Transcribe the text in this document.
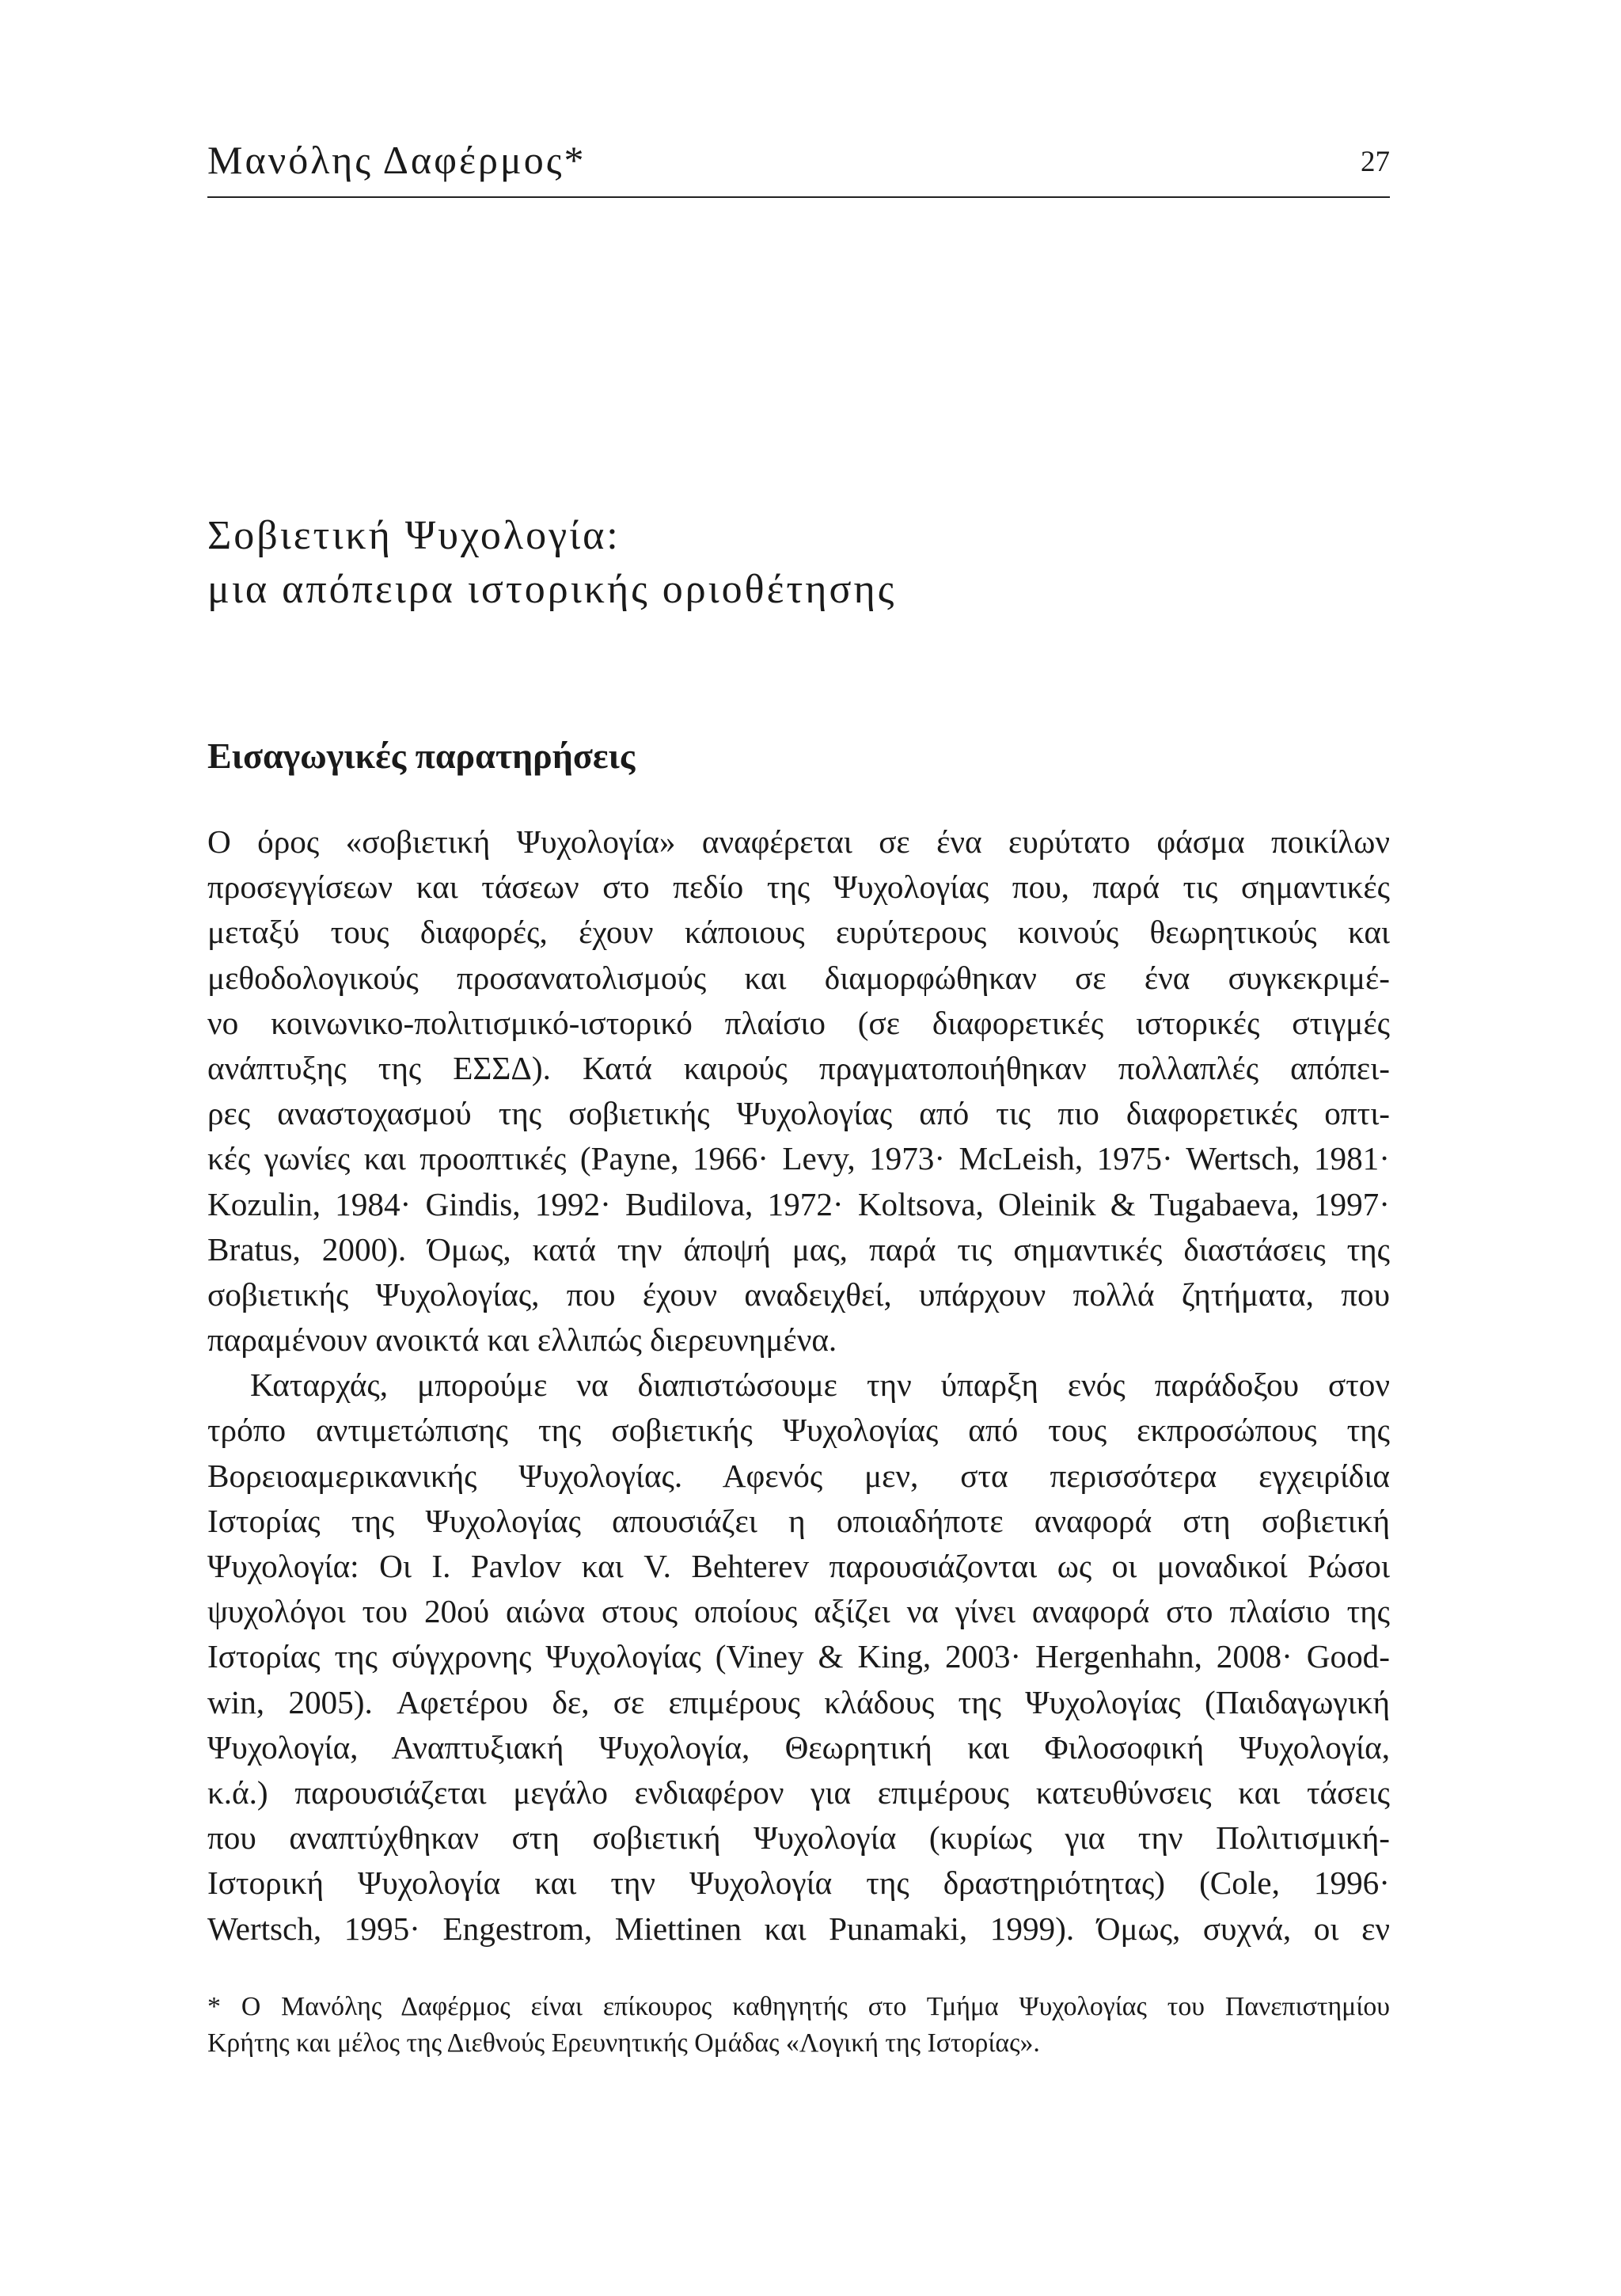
Μανόλης Δαφέρμος*	27
Σοβιετική Ψυχολογία:
μια απόπειρα ιστορικής οριοθέτησης
Εισαγωγικές παρατηρήσεις
Ο όρος «σοβιετική Ψυχολογία» αναφέρεται σε ένα ευρύτατο φάσμα ποικίλων
προσεγγίσεων και τάσεων στο πεδίο της Ψυχολογίας που, παρά τις σημαντικές
μεταξύ τους διαφορές, έχουν κάποιους ευρύτερους κοινούς θεωρητικούς και
μεθοδολογικούς προσανατολισμούς και διαμορφώθηκαν σε ένα συγκεκριμέ-
νο κοινωνικο-πολιτισμικό-ιστορικό πλαίσιο (σε διαφορετικές ιστορικές στιγμές
ανάπτυξης της ΕΣΣΔ). Κατά καιρούς πραγματοποιήθηκαν πολλαπλές απόπει-
ρες αναστοχασμού της σοβιετικής Ψυχολογίας από τις πιο διαφορετικές οπτι-
κές γωνίες και προοπτικές (Payne, 1966· Levy, 1973· McLeish, 1975· Wertsch, 1981·
Kozulin, 1984· Gindis, 1992· Budilova, 1972· Koltsova, Oleinik & Tugabaeva, 1997·
Bratus, 2000). Όμως, κατά την άποψή μας, παρά τις σημαντικές διαστάσεις της
σοβιετικής Ψυχολογίας, που έχουν αναδειχθεί, υπάρχουν πολλά ζητήματα, που
παραμένουν ανοικτά και ελλιπώς διερευνημένα.
Καταρχάς, μπορούμε να διαπιστώσουμε την ύπαρξη ενός παράδοξου στον
τρόπο αντιμετώπισης της σοβιετικής Ψυχολογίας από τους εκπροσώπους της
Βορειοαμερικανικής Ψυχολογίας. Αφενός μεν, στα περισσότερα εγχειρίδια
Ιστορίας της Ψυχολογίας απουσιάζει η οποιαδήποτε αναφορά στη σοβιετική
Ψυχολογία: Οι I. Pavlov και V. Behterev παρουσιάζονται ως οι μοναδικοί Ρώσοι
ψυχολόγοι του 20ού αιώνα στους οποίους αξίζει να γίνει αναφορά στο πλαίσιο της
Ιστορίας της σύγχρονης Ψυχολογίας (Viney & King, 2003· Hergenhahn, 2008· Good-
win, 2005). Αφετέρου δε, σε επιμέρους κλάδους της Ψυχολογίας (Παιδαγωγική
Ψυχολογία, Αναπτυξιακή Ψυχολογία, Θεωρητική και Φιλοσοφική Ψυχολογία,
κ.ά.) παρουσιάζεται μεγάλο ενδιαφέρον για επιμέρους κατευθύνσεις και τάσεις
που αναπτύχθηκαν στη σοβιετική Ψυχολογία (κυρίως για την Πολιτισμική-
Ιστορική Ψυχολογία και την Ψυχολογία της δραστηριότητας) (Cole, 1996·
Wertsch, 1995· Engestrom, Miettinen και Punamaki, 1999). Όμως, συχνά, οι εν
* Ο Μανόλης Δαφέρμος είναι επίκουρος καθηγητής στο Τμήμα Ψυχολογίας του Πανεπιστημίου
Κρήτης και μέλος της Διεθνούς Ερευνητικής Ομάδας «Λογική της Ιστορίας».
